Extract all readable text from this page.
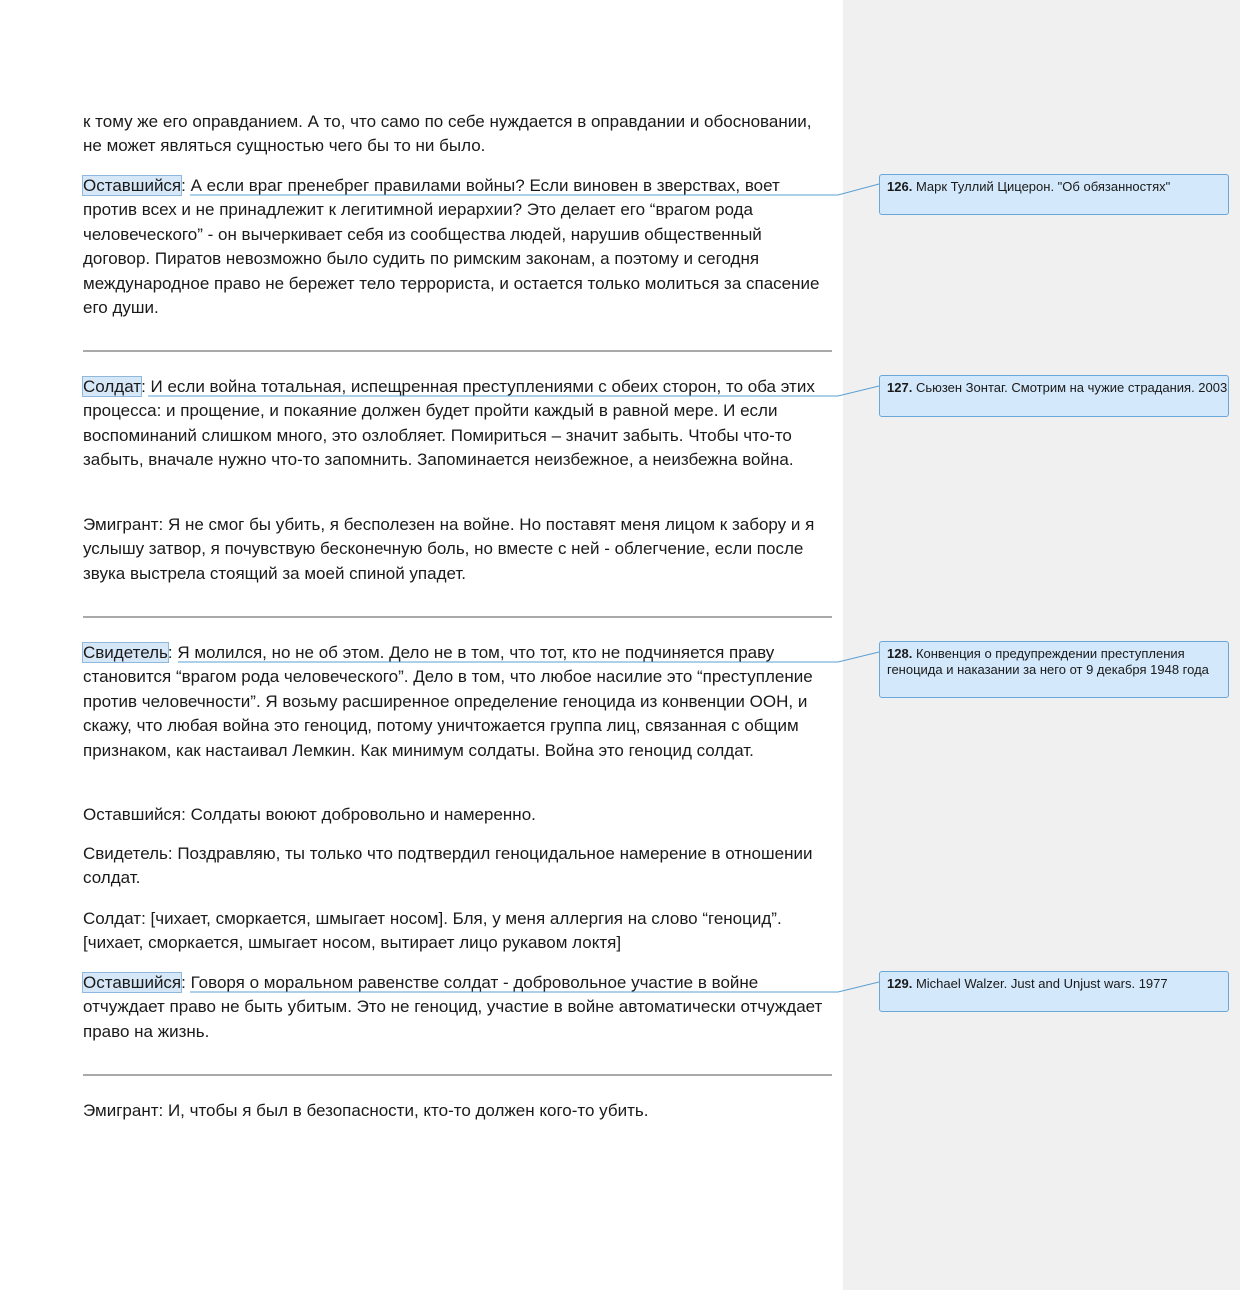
к тому же его оправданием. А то, что само по себе нуждается в оправдании и обосновании, не может являться сущностью чего бы то ни было.

Оставшийся: А если враг пренебрег правилами войны? Если виновен в зверствах, воет против всех и не принадлежит к легитимной иерархии? Это делает его “врагом рода человеческого” - он вычеркивает себя из сообщества людей, нарушив общественный договор. Пиратов невозможно было судить по римским законам, а поэтому и сегодня международное право не бережет тело террориста, и остается только молиться за спасение его души.

Солдат: И если война тотальная, испещренная преступлениями с обеих сторон, то оба этих процесса: и прощение, и покаяние должен будет пройти каждый в равной мере. И если воспоминаний слишком много, это озлобляет. Помириться – значит забыть. Чтобы что-то забыть, вначале нужно что-то запомнить. Запоминается неизбежное, а неизбежна война.

Эмигрант: Я не смог бы убить, я бесполезен на войне. Но поставят меня лицом к забору и я услышу затвор, я почувствую бесконечную боль, но вместе с ней - облегчение, если после звука выстрела стоящий за моей спиной упадет.

Свидетель: Я молился, но не об этом. Дело не в том, что тот, кто не подчиняется праву становится “врагом рода человеческого”. Дело в том, что любое насилие это “преступление против человечности”. Я возьму расширенное определение геноцида из конвенции ООН, и скажу, что любая война это геноцид, потому уничтожается группа лиц, связанная с общим признаком, как настаивал Лемкин. Как минимум солдаты. Война это геноцид солдат.

Оставшийся: Солдаты воюют добровольно и намеренно.

Свидетель: Поздравляю, ты только что подтвердил геноцидальное намерение в отношении солдат.

Солдат: [чихает, сморкается, шмыгает носом]. Бля, у меня аллергия на слово “геноцид”. [чихает, сморкается, шмыгает носом, вытирает лицо рукавом локтя]

Оставшийся: Говоря о моральном равенстве солдат - добровольное участие в войне отчуждает право не быть убитым. Это не геноцид, участие в войне автоматически отчуждает право на жизнь.

Эмигрант: И, чтобы я был в безопасности, кто-то должен кого-то убить.

126. Марк Туллий Цицерон. "Об обязанностях"
127. Сьюзен Зонтаг. Смотрим на чужие страдания. 2003
128. Конвенция о предупреждении преступления геноцида и наказании за него от 9 декабря 1948 года
129. Michael Walzer. Just and Unjust wars. 1977
